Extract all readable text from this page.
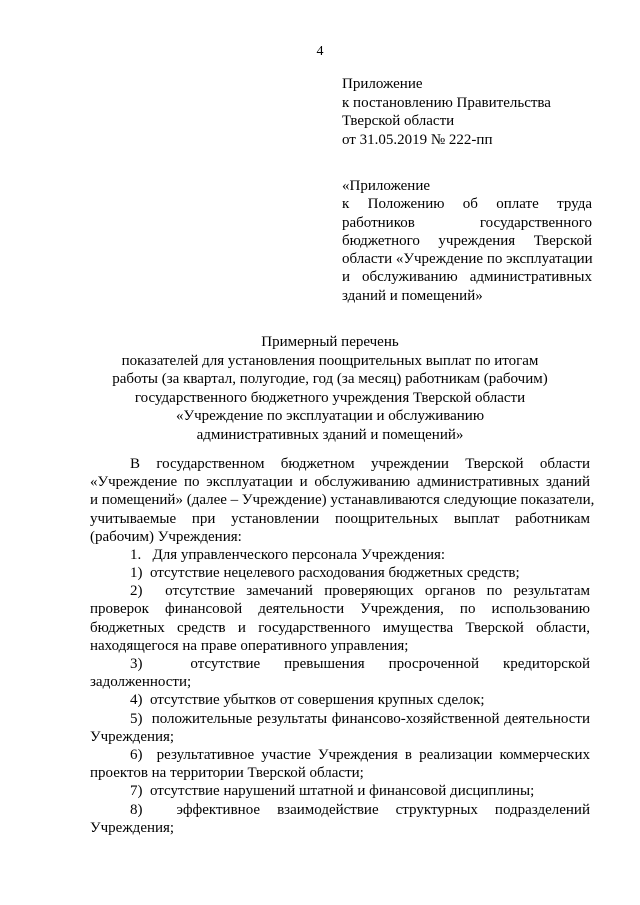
4
Приложение
к постановлению Правительства
Тверской области
от 31.05.2019 № 222-пп
«Приложение
к Положению об оплате труда
работников государственного
бюджетного учреждения Тверской
области «Учреждение по эксплуатации
и обслуживанию административных
зданий и помещений»
Примерный перечень
показателей для установления поощрительных выплат по итогам
работы (за квартал, полугодие, год (за месяц) работникам (рабочим)
государственного бюджетного учреждения Тверской области
«Учреждение по эксплуатации и обслуживанию
административных зданий и помещений»
В государственном бюджетном учреждении Тверской области
«Учреждение по эксплуатации и обслуживанию административных зданий
и помещений» (далее – Учреждение) устанавливаются следующие показатели,
учитываемые при установлении поощрительных выплат работникам
(рабочим) Учреждения:
1.   Для управленческого персонала Учреждения:
1)  отсутствие нецелевого расходования бюджетных средств;
2)  отсутствие замечаний проверяющих органов по результатам
проверок финансовой деятельности Учреждения, по использованию
бюджетных средств и государственного имущества Тверской области,
находящегося на праве оперативного управления;
3)  отсутствие превышения просроченной кредиторской
задолженности;
4)  отсутствие убытков от совершения крупных сделок;
5)  положительные результаты финансово-хозяйственной деятельности
Учреждения;
6)  результативное участие Учреждения в реализации коммерческих
проектов на территории Тверской области;
7)  отсутствие нарушений штатной и финансовой дисциплины;
8)  эффективное взаимодействие структурных подразделений
Учреждения;
